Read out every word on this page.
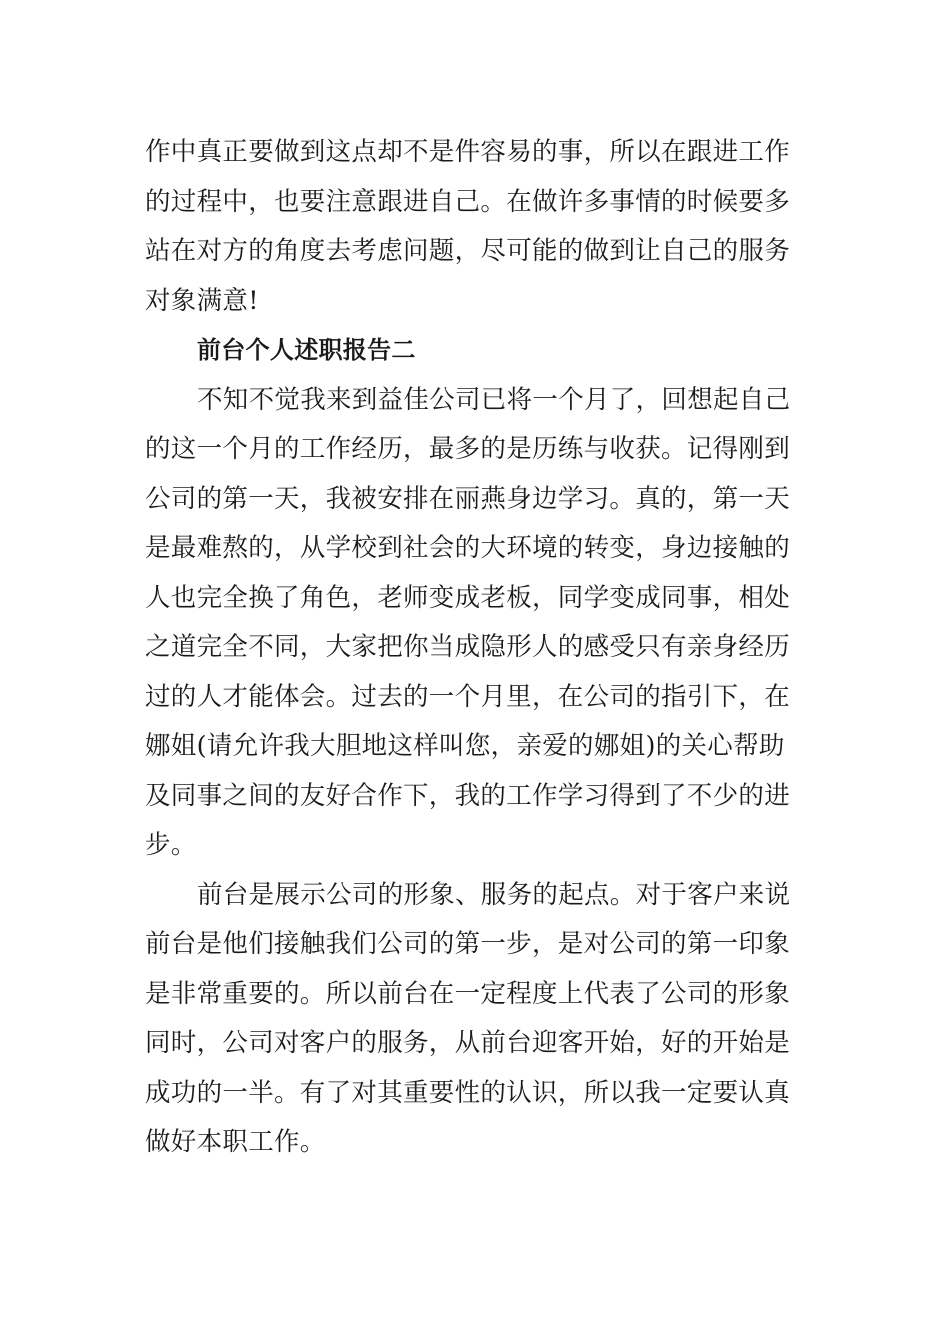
作中真正要做到这点却不是件容易的事，所以在跟进工作
的过程中，也要注意跟进自己。在做许多事情的时候要多
站在对方的角度去考虑问题，尽可能的做到让自己的服务
对象满意!
前台个人述职报告二
不知不觉我来到益佳公司已将一个月了，回想起自己
的这一个月的工作经历，最多的是历练与收获。记得刚到
公司的第一天，我被安排在丽燕身边学习。真的，第一天
是最难熬的，从学校到社会的大环境的转变，身边接触的
人也完全换了角色，老师变成老板，同学变成同事，相处
之道完全不同，大家把你当成隐形人的感受只有亲身经历
过的人才能体会。过去的一个月里，在公司的指引下，在
娜姐(请允许我大胆地这样叫您，亲爱的娜姐)的关心帮助
及同事之间的友好合作下，我的工作学习得到了不少的进
步。
前台是展示公司的形象、服务的起点。对于客户来说
前台是他们接触我们公司的第一步，是对公司的第一印象
是非常重要的。所以前台在一定程度上代表了公司的形象
同时，公司对客户的服务，从前台迎客开始，好的开始是
成功的一半。有了对其重要性的认识，所以我一定要认真
做好本职工作。
